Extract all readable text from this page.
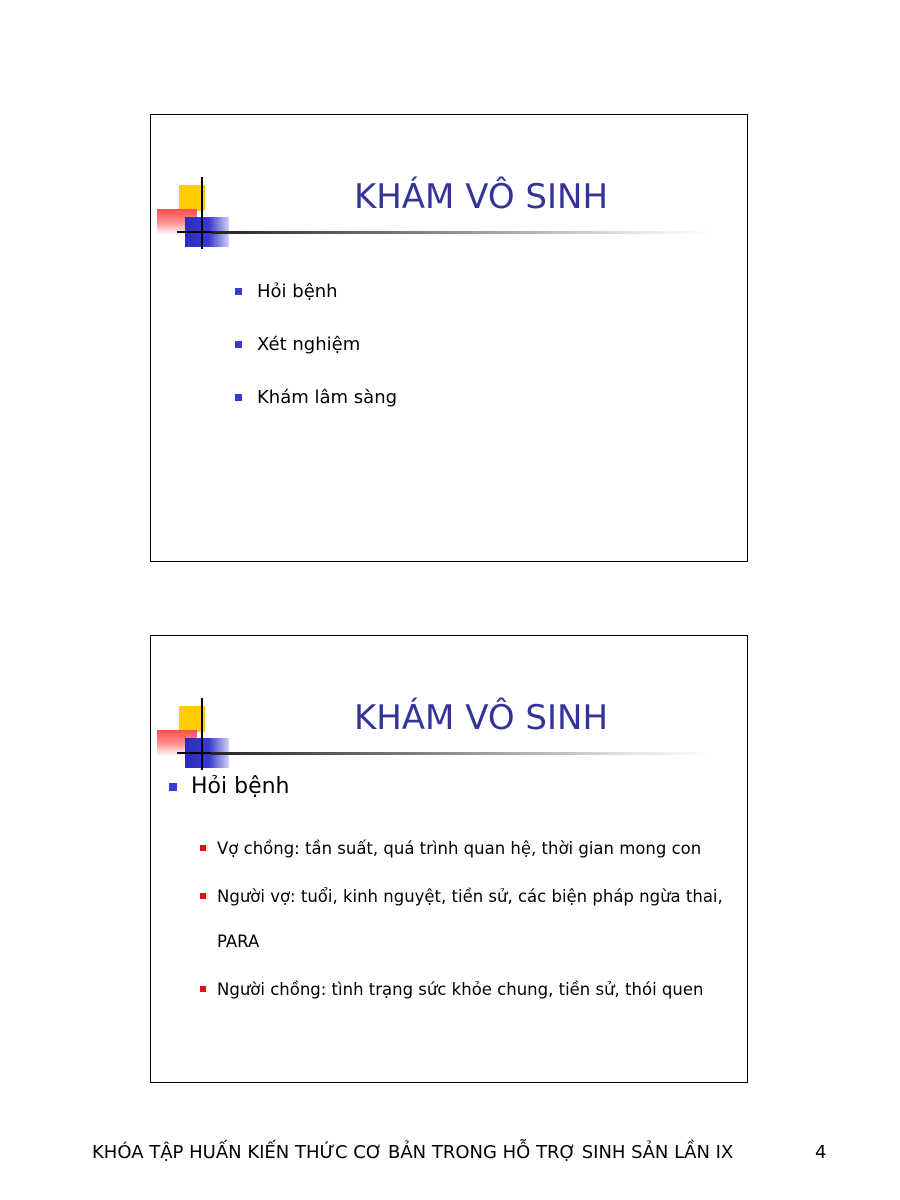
KHÁM VÔ SINH
Hỏi bệnh
Xét nghiệm
Khám lâm sàng
KHÁM VÔ SINH
Hỏi bệnh
Vợ chồng: tần suất, quá trình quan hệ, thời gian mong con
Người vợ: tuổi, kinh nguyệt, tiền sử, các biện pháp ngừa thai, PARA
Người chồng: tình trạng sức khỏe chung, tiền sử, thói quen
KHÓA TẬP HUẤN KIẾN THỨC CƠ BẢN TRONG HỖ TRỢ SINH SẢN LẦN IX	4
